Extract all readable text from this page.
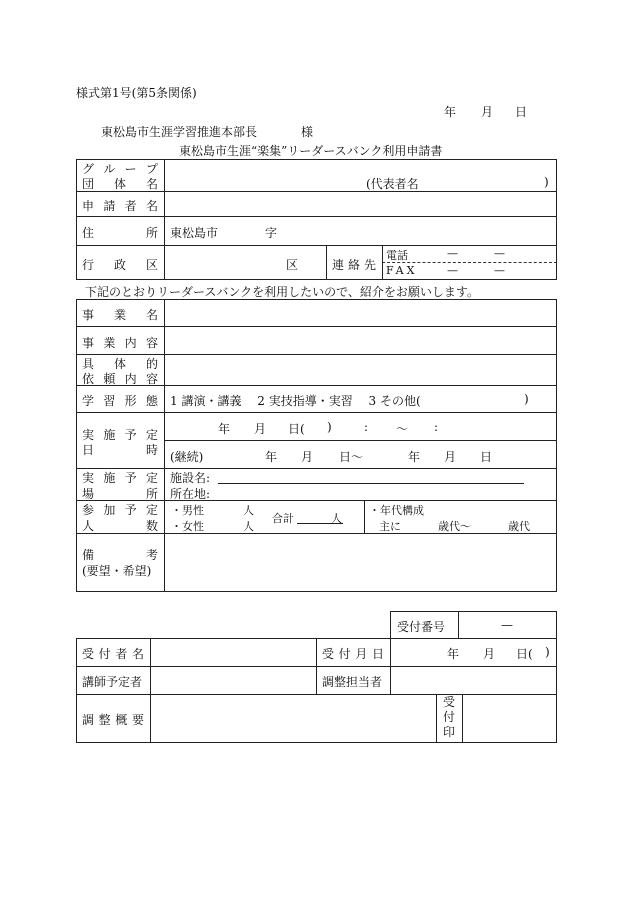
様式第1号(第5条関係)
年 月 日
東松島市生涯学習推進本部長	様
東松島市生涯“楽集”リーダースバンク利用申請書
グ ル ー プ
団 体 名	(代表者名	)
申 請 者 名
住	所 東松島市	字
行 政 区	区	連 絡 先
電話	—	—
FAX	—	—
下記のとおりリーダースバンクを利用したいので、紹介をお願いします。
事 業 名
事 業 内 容
具 体 的
依 頼 内 容
学 習 形 態 1 講演・講義　 2 実技指導・実習　 3 その他(	)
実 施 予 定
日	時
年 月 日( )	: 〜 :
(継続)	年 月 日〜	年 月 日
実 施 予 定
場	所
施設名:
所在地:
参 加 予 定
人	数
・男性	人
・女性	人
合計	人
・年代構成
主に	歳代〜	歳代
備	考
(要望・希望)
受付番号	—
受 付 者 名	受 付 月 日	年 月 日( )
講師予定者	調整担当者
調 整 概 要
受付印
